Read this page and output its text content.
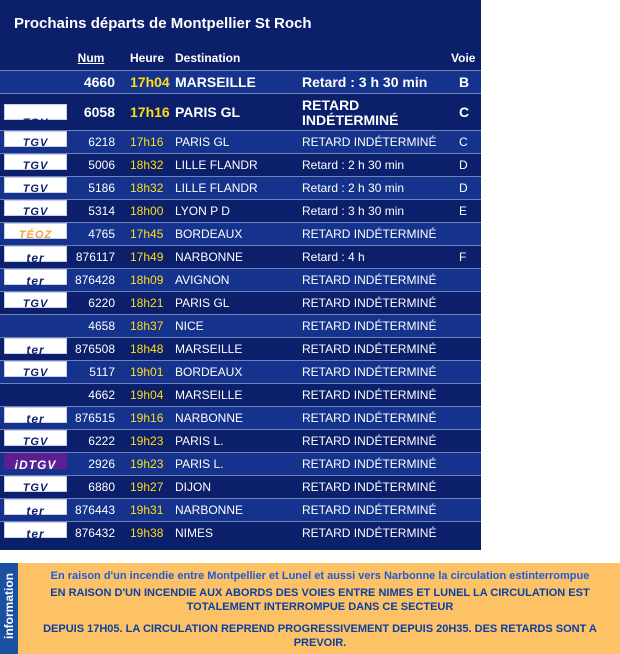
Prochains départs de Montpellier St Roch
Num	Heure Destination	Voie
4660 17h04 MARSEILLE	Retard : 3 h 30 min B
TGV
6058 17h16 PARIS GL	RETARD INDÉTERMINÉ	C
TGV	6218 17h16 PARIS GL	RETARD INDÉTERMINÉ C
TGV	5006 18h32 LILLE FLANDR	Retard : 2 h 30 min	D
TGV	5186 18h32 LILLE FLANDR	Retard : 2 h 30 min	D
TGV	5314 18h00 LYON P D	Retard : 3 h 30 min	E
TÉOZ	4765 17h45 BORDEAUX	RETARD INDÉTERMINÉ
ter	876117 17h49 NARBONNE	Retard : 4 h	F
ter	876428 18h09 AVIGNON	RETARD INDÉTERMINÉ
TGV	6220 18h21 PARIS GL	RETARD INDÉTERMINÉ
4658 18h37 NICE	RETARD INDÉTERMINÉ
ter	876508 18h48 MARSEILLE	RETARD INDÉTERMINÉ
TGV	5117 19h01 BORDEAUX	RETARD INDÉTERMINÉ
4662 19h04 MARSEILLE	RETARD INDÉTERMINÉ
ter	876515 19h16 NARBONNE	RETARD INDÉTERMINÉ
TGV	6222 19h23 PARIS L.	RETARD INDÉTERMINÉ
iDTGV	2926 19h23 PARIS L.	RETARD INDÉTERMINÉ
TGV	6880 19h27 DIJON	RETARD INDÉTERMINÉ
ter	876443 19h31 NARBONNE	RETARD INDÉTERMINÉ
ter	876432 19h38 NIMES	RETARD INDÉTERMINÉ
information	En raison d'un incendie entre Montpellier et Lunel et aussi vers Narbonne la circulation estinterrompue
EN RAISON D'UN INCENDIE AUX ABORDS DES VOIES ENTRE NIMES ET LUNEL LA CIRCULATION EST TOTALEMENT INTERROMPUE DANS CE SECTEUR
DEPUIS 17H05. LA CIRCULATION REPREND PROGRESSIVEMENT DEPUIS 20H35. DES RETARDS SONT A PREVOIR.
